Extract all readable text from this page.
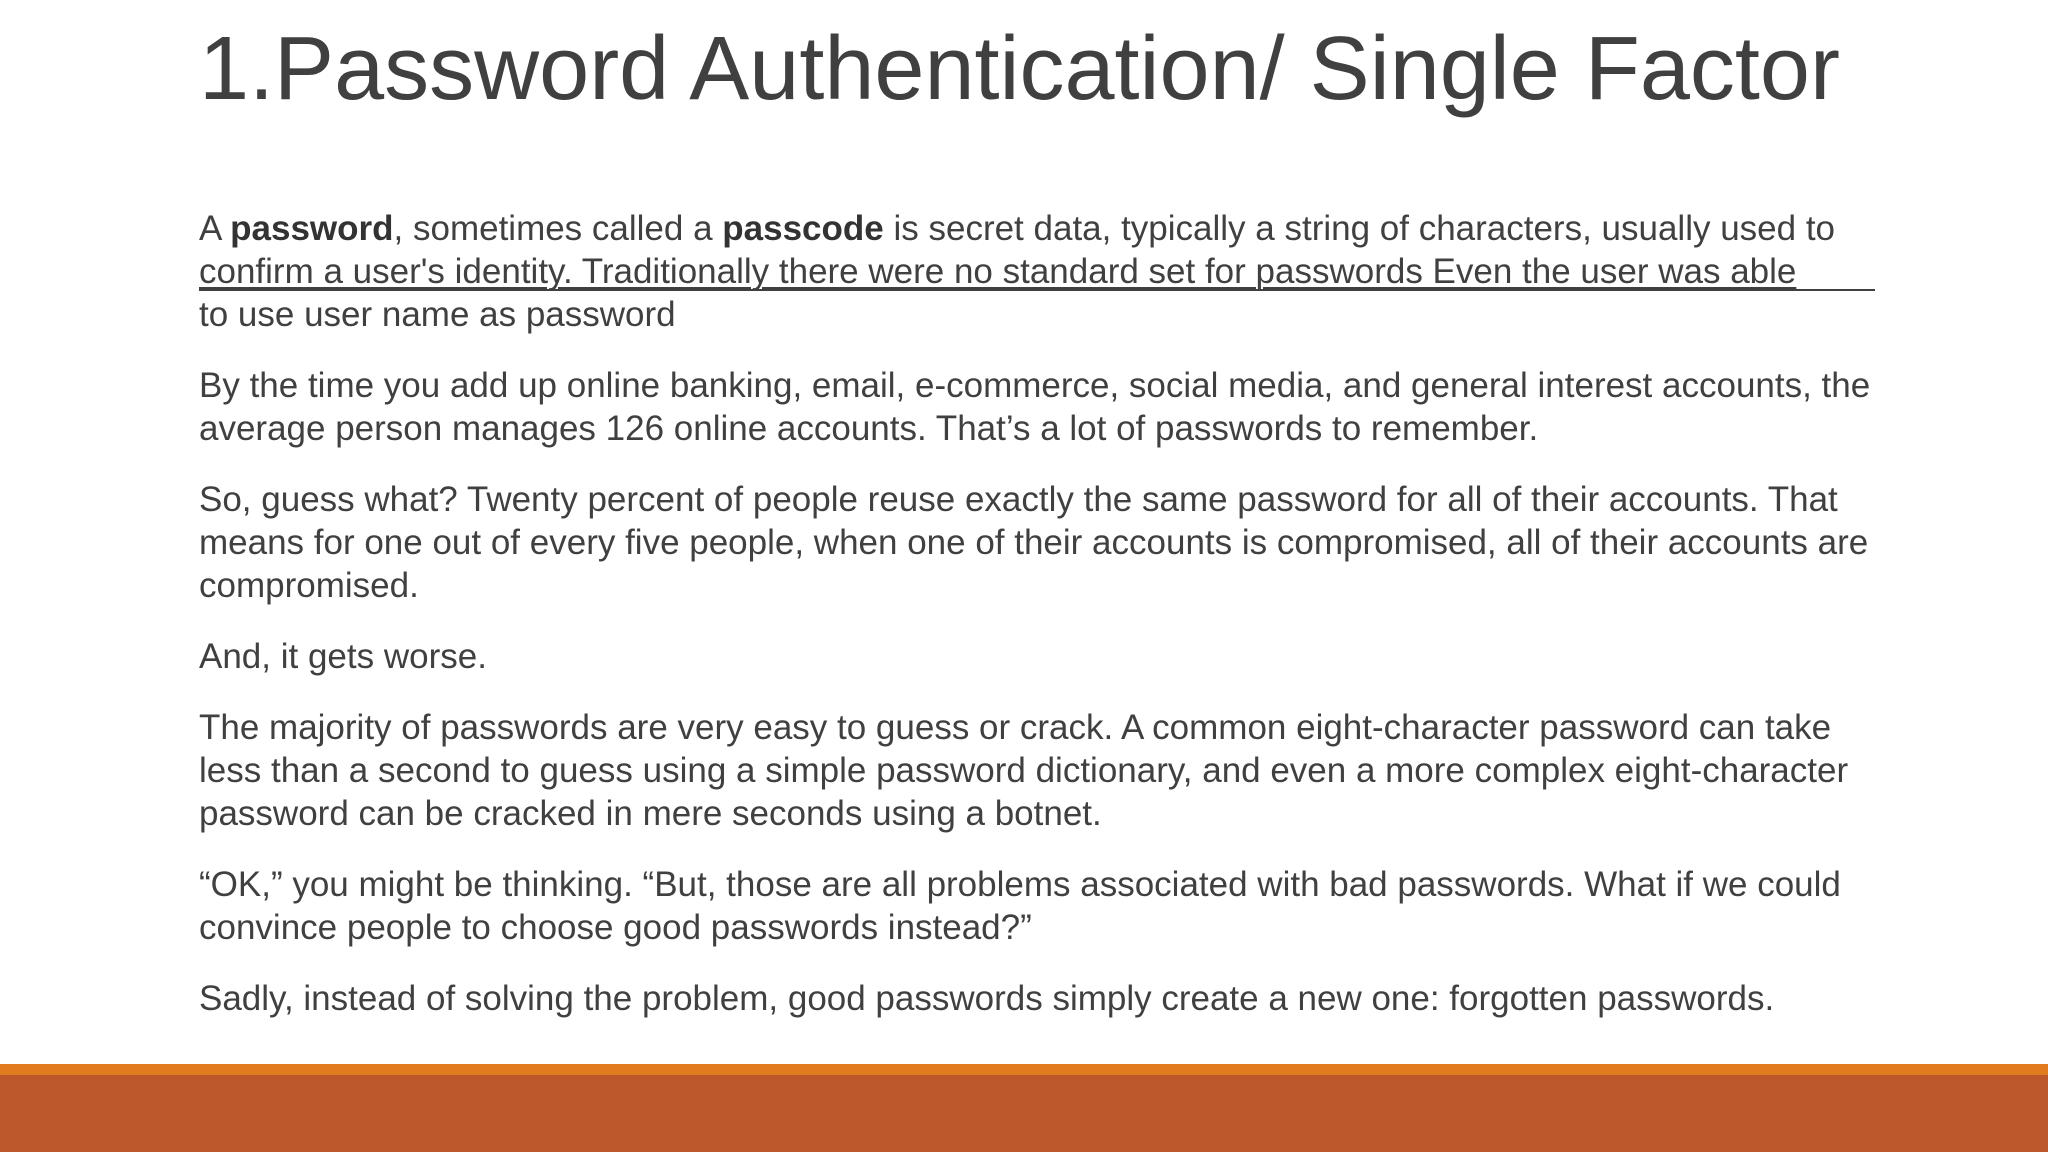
1.Password Authentication/ Single Factor
A password, sometimes called a passcode is secret data, typically a string of characters, usually used to
confirm a user's identity. Traditionally there were no standard set for passwords Even the user was able
to use user name as password

By the time you add up online banking, email, e-commerce, social media, and general interest accounts, the average person manages 126 online accounts. That’s a lot of passwords to remember.

So, guess what? Twenty percent of people reuse exactly the same password for all of their accounts. That means for one out of every five people, when one of their accounts is compromised, all of their accounts are compromised.

And, it gets worse.

The majority of passwords are very easy to guess or crack. A common eight-character password can take less than a second to guess using a simple password dictionary, and even a more complex eight-character password can be cracked in mere seconds using a botnet.

“OK,” you might be thinking. “But, those are all problems associated with bad passwords. What if we could convince people to choose good passwords instead?”

Sadly, instead of solving the problem, good passwords simply create a new one: forgotten passwords.
